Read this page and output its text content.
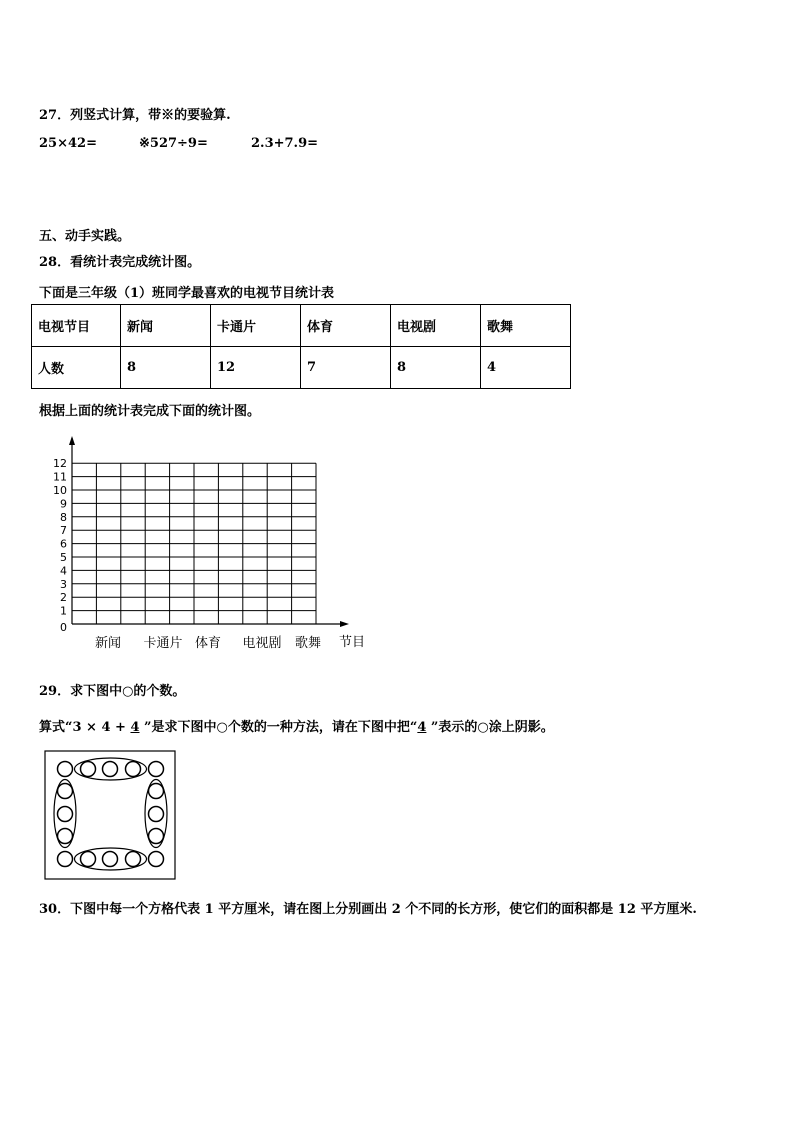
27．列竖式计算，带※的要验算.
25×42=	※527÷9=	2.3+7.9=
五、动手实践。
28．看统计表完成统计图。
下面是三年级（1）班同学最喜欢的电视节目统计表
电视节目	新闻	卡通片	体育	电视剧	歌舞
人数	8	12	7	8	4
根据上面的统计表完成下面的统计图。
0
1
2
3
4
5
6
7
8
9
10
11
12
新闻 卡通片 体育 电视剧 歌舞 节目
29．求下图中○的个数。
算式“3 × 4 + 4 ”是求下图中○个数的一种方法，请在下图中把“4 ”表示的○涂上阴影。
30．下图中每一个方格代表 1 平方厘米，请在图上分别画出 2 个不同的长方形，使它们的面积都是 12 平方厘米.
